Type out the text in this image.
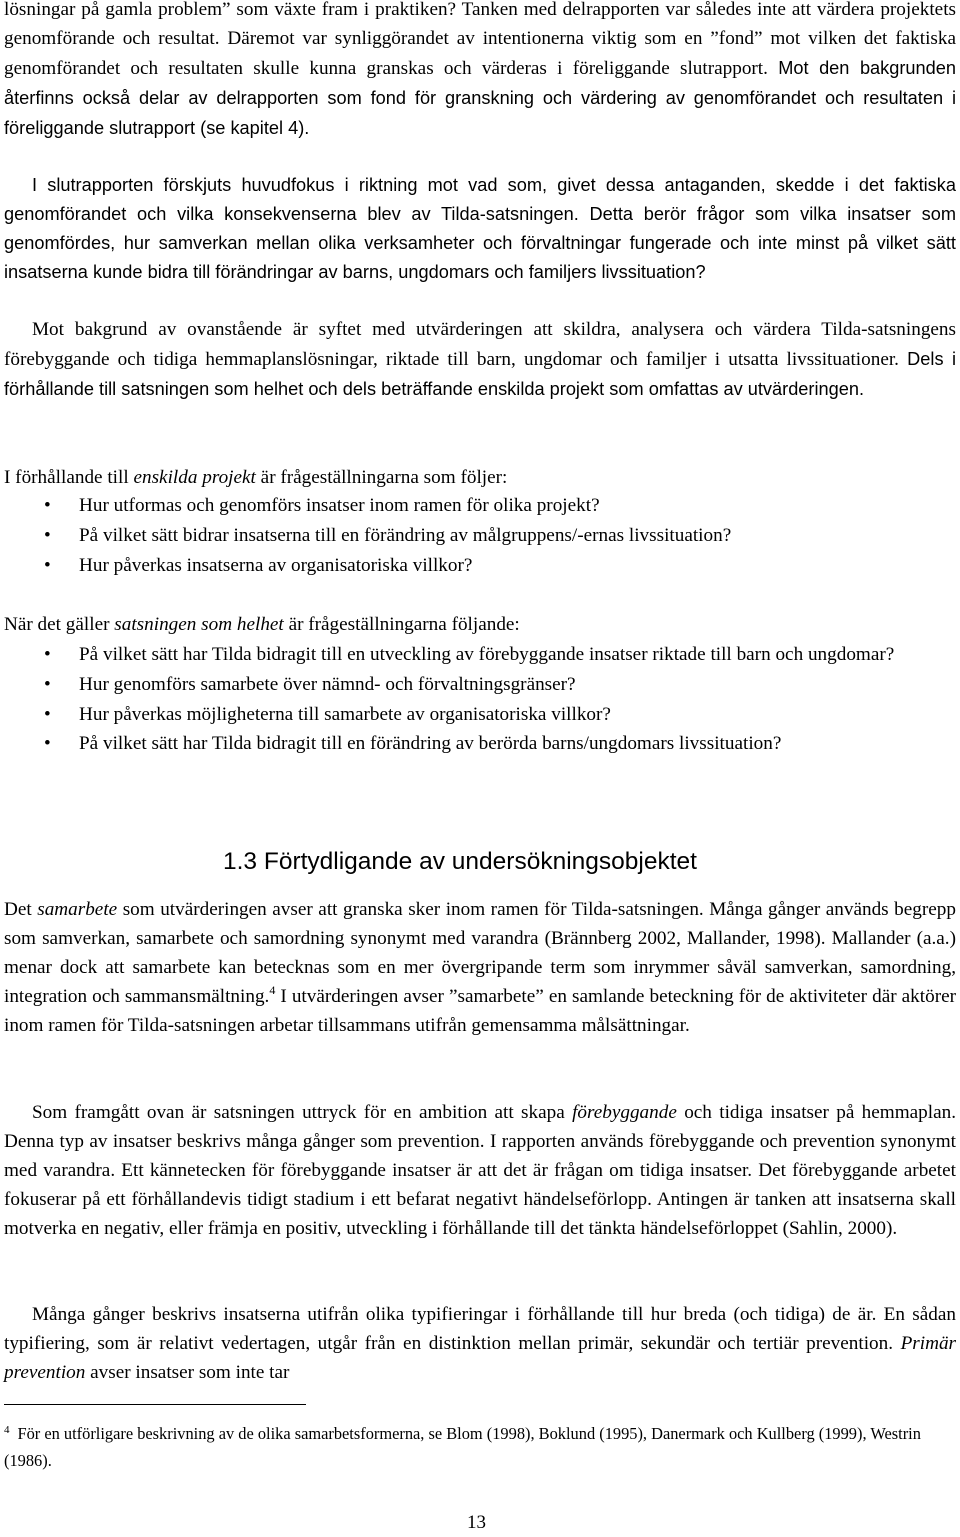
lösningar på gamla problem” som växte fram i praktiken? Tanken med delrapporten var således inte att värdera projektets genomförande och resultat. Däremot var synliggörandet av intentionerna viktig som en ”fond” mot vilken det faktiska genomförandet och resultaten skulle kunna granskas och värderas i föreliggande slutrapport. Mot den bakgrunden återfinns också delar av delrapporten som fond för granskning och värdering av genomförandet och resultaten i föreliggande slutrapport (se kapitel 4).

I slutrapporten förskjuts huvudfokus i riktning mot vad som, givet dessa antaganden, skedde i det faktiska genomförandet och vilka konsekvenserna blev av Tilda-satsningen. Detta berör frågor som vilka insatser som genomfördes, hur samverkan mellan olika verksamheter och förvaltningar fungerade och inte minst på vilket sätt insatserna kunde bidra till förändringar av barns, ungdomars och familjers livssituation?

Mot bakgrund av ovanstående är syftet med utvärderingen att skildra, analysera och värdera Tilda-satsningens förebyggande och tidiga hemmaplanslösningar, riktade till barn, ungdomar och familjer i utsatta livssituationer. Dels i förhållande till satsningen som helhet och dels beträffande enskilda projekt som omfattas av utvärderingen.

I förhållande till enskilda projekt är frågeställningarna som följer:

• Hur utformas och genomförs insatser inom ramen för olika projekt?
• På vilket sätt bidrar insatserna till en förändring av målgruppens/-ernas livssituation?
• Hur påverkas insatserna av organisatoriska villkor?

När det gäller satsningen som helhet är frågeställningarna följande:

• På vilket sätt har Tilda bidragit till en utveckling av förebyggande insatser riktade till barn och ungdomar?
• Hur genomförs samarbete över nämnd- och förvaltningsgränser?
• Hur påverkas möjligheterna till samarbete av organisatoriska villkor?
• På vilket sätt har Tilda bidragit till en förändring av berörda barns/ungdomars livssituation?
1.3 Förtydligande av undersökningsobjektet

Det samarbete som utvärderingen avser att granska sker inom ramen för Tilda-satsningen. Många gånger används begrepp som samverkan, samarbete och samordning synonymt med varandra (Brännberg 2002, Mallander, 1998). Mallander (a.a.) menar dock att samarbete kan betecknas som en mer övergripande term som inrymmer såväl samverkan, samordning, integration och sammansmältning.$^4$ I utvärderingen avser ”samarbete” en samlande beteckning för de aktiviteter där aktörer inom ramen för Tilda-satsningen arbetar tillsammans utifrån gemensamma målsättningar.

Som framgått ovan är satsningen uttryck för en ambition att skapa förebyggande och tidiga insatser på hemmaplan. Denna typ av insatser beskrivs många gånger som prevention. I rapporten används förebyggande och prevention synonymt med varandra. Ett kännetecken för förebyggande insatser är att det är frågan om tidiga insatser. Det förebyggande arbetet fokuserar på ett förhållandevis tidigt stadium i ett befarat negativt händelseförlopp. Antingen är tanken att insatserna skall motverka en negativ, eller främja en positiv, utveckling i förhållande till det tänkta händelseförloppet (Sahlin, 2000).

Många gånger beskrivs insatserna utifrån olika typifieringar i förhållande till hur breda (och tidiga) de är. En sådan typifiering, som är relativt vedertagen, utgår från en distinktion mellan primär, sekundär och tertiär prevention. Primär prevention avser insatser som inte tar

$^4$ För en utförligare beskrivning av de olika samarbetsformerna, se Blom (1998), Boklund (1995), Danermark och Kullberg (1999), Westrin (1986).

13
